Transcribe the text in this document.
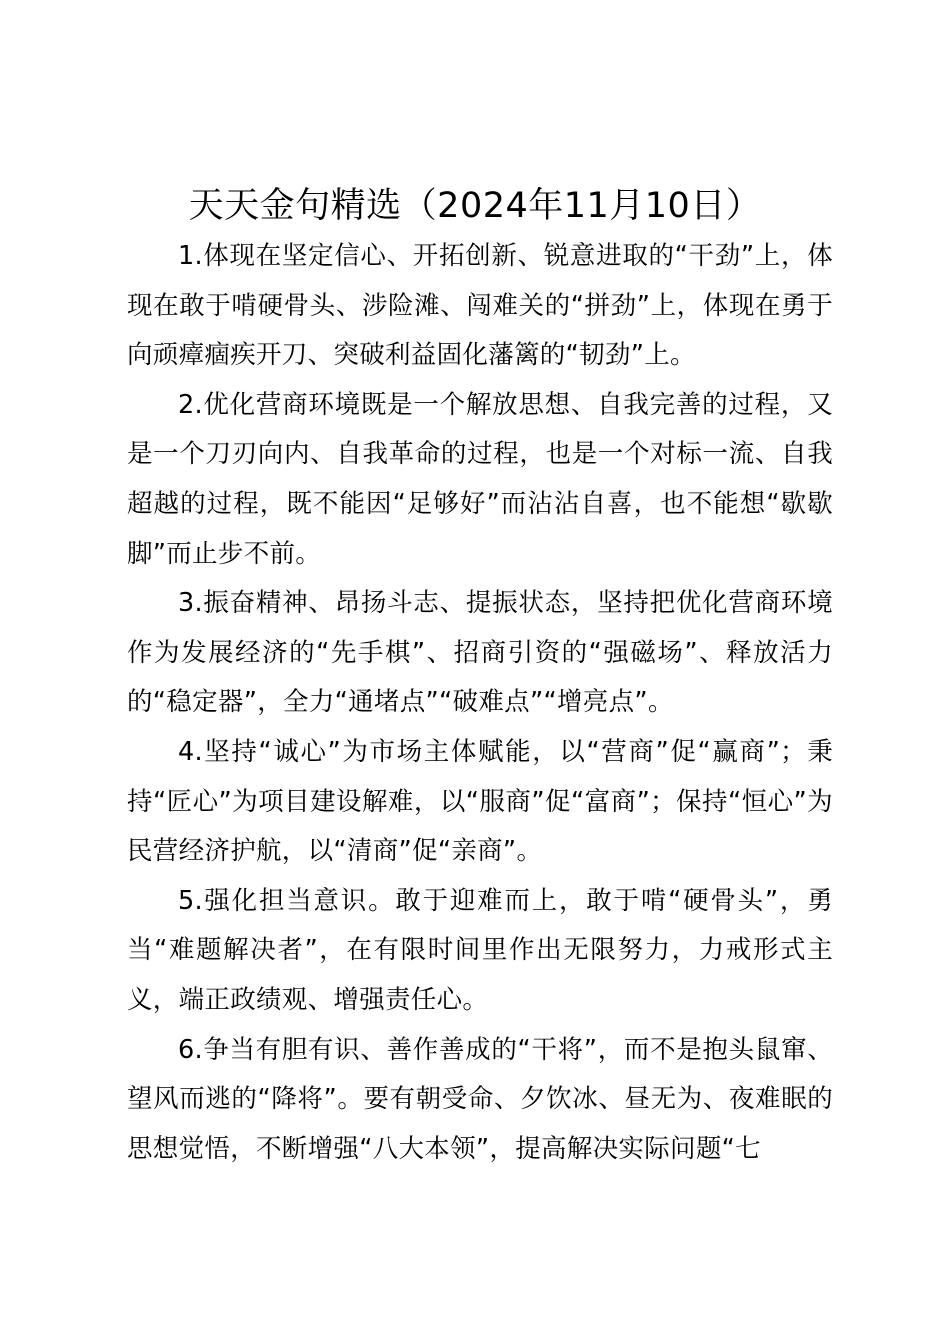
天天金句精选（2024年11月10日）

1.体现在坚定信心、开拓创新、锐意进取的“干劲”上，体现在敢于啃硬骨头、涉险滩、闯难关的“拼劲”上，体现在勇于向顽瘴痼疾开刀、突破利益固化藩篱的“韧劲”上。

2.优化营商环境既是一个解放思想、自我完善的过程，又是一个刀刃向内、自我革命的过程，也是一个对标一流、自我超越的过程，既不能因“足够好”而沾沾自喜，也不能想“歇歇脚”而止步不前。

3.振奋精神、昂扬斗志、提振状态，坚持把优化营商环境作为发展经济的“先手棋”、招商引资的“强磁场”、释放活力的“稳定器”，全力“通堵点”“破难点”“增亮点”。

4.坚持“诚心”为市场主体赋能，以“营商”促“赢商”；秉持“匠心”为项目建设解难，以“服商”促“富商”；保持“恒心”为民营经济护航，以“清商”促“亲商”。

5.强化担当意识。敢于迎难而上，敢于啃“硬骨头”，勇当“难题解决者”，在有限时间里作出无限努力，力戒形式主义，端正政绩观、增强责任心。

6.争当有胆有识、善作善成的“干将”，而不是抱头鼠窜、望风而逃的“降将”。要有朝受命、夕饮冰、昼无为、夜难眠的思想觉悟，不断增强“八大本领”，提高解决实际问题“七
